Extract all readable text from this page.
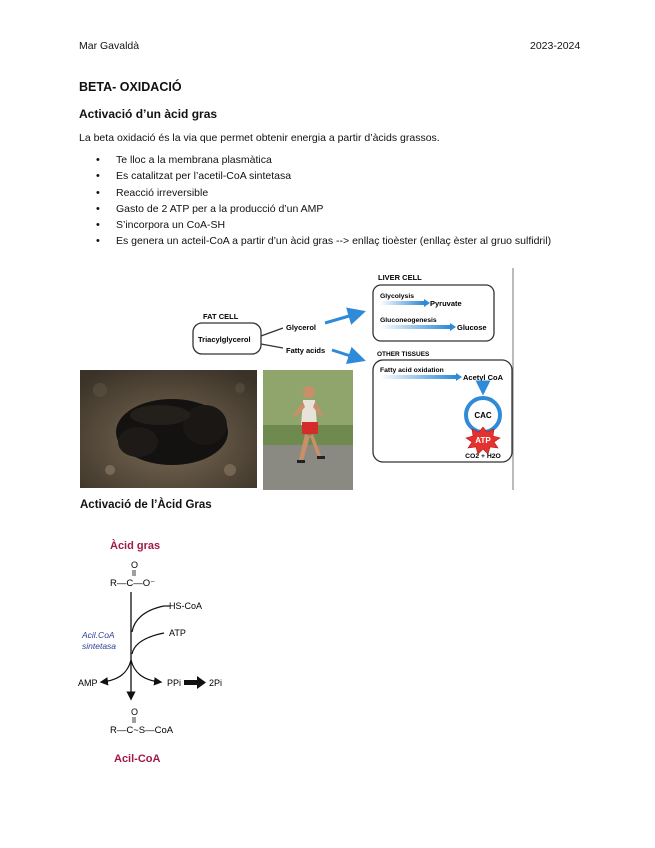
Mar Gavaldà	2023-2024
BETA- OXIDACIÓ
Activació d’un àcid gras
La beta oxidació és la via que permet obtenir energia a partir d’àcids grassos.
• Te lloc a la membrana plasmàtica
• Es catalitzat per l’acetil-CoA sintetasa
• Reacció irreversible
• Gasto de 2 ATP per a la producció d’un AMP
• S’incorpora un CoA-SH
• Es genera un acteil-CoA a partir d’un àcid gras --> enllaç tioèster (enllaç èster al gruo sulfidril)
FAT CELL
Triacylglycerol
Glycerol
Fatty acids
LIVER CELL
Glycolysis
Pyruvate
Gluconeogenesis
Glucose
OTHER TISSUES
Fatty acid oxidation
Acetyl CoA
CAC
ATP
CO2 + H2O
Activació de l’Àcid Gras
Àcid gras
O
R—C—O⁻
HS-CoA
ATP
Acil.CoA
sintetasa
AMP	PPi	2Pi
O
R—C~S—CoA
Acil-CoA
